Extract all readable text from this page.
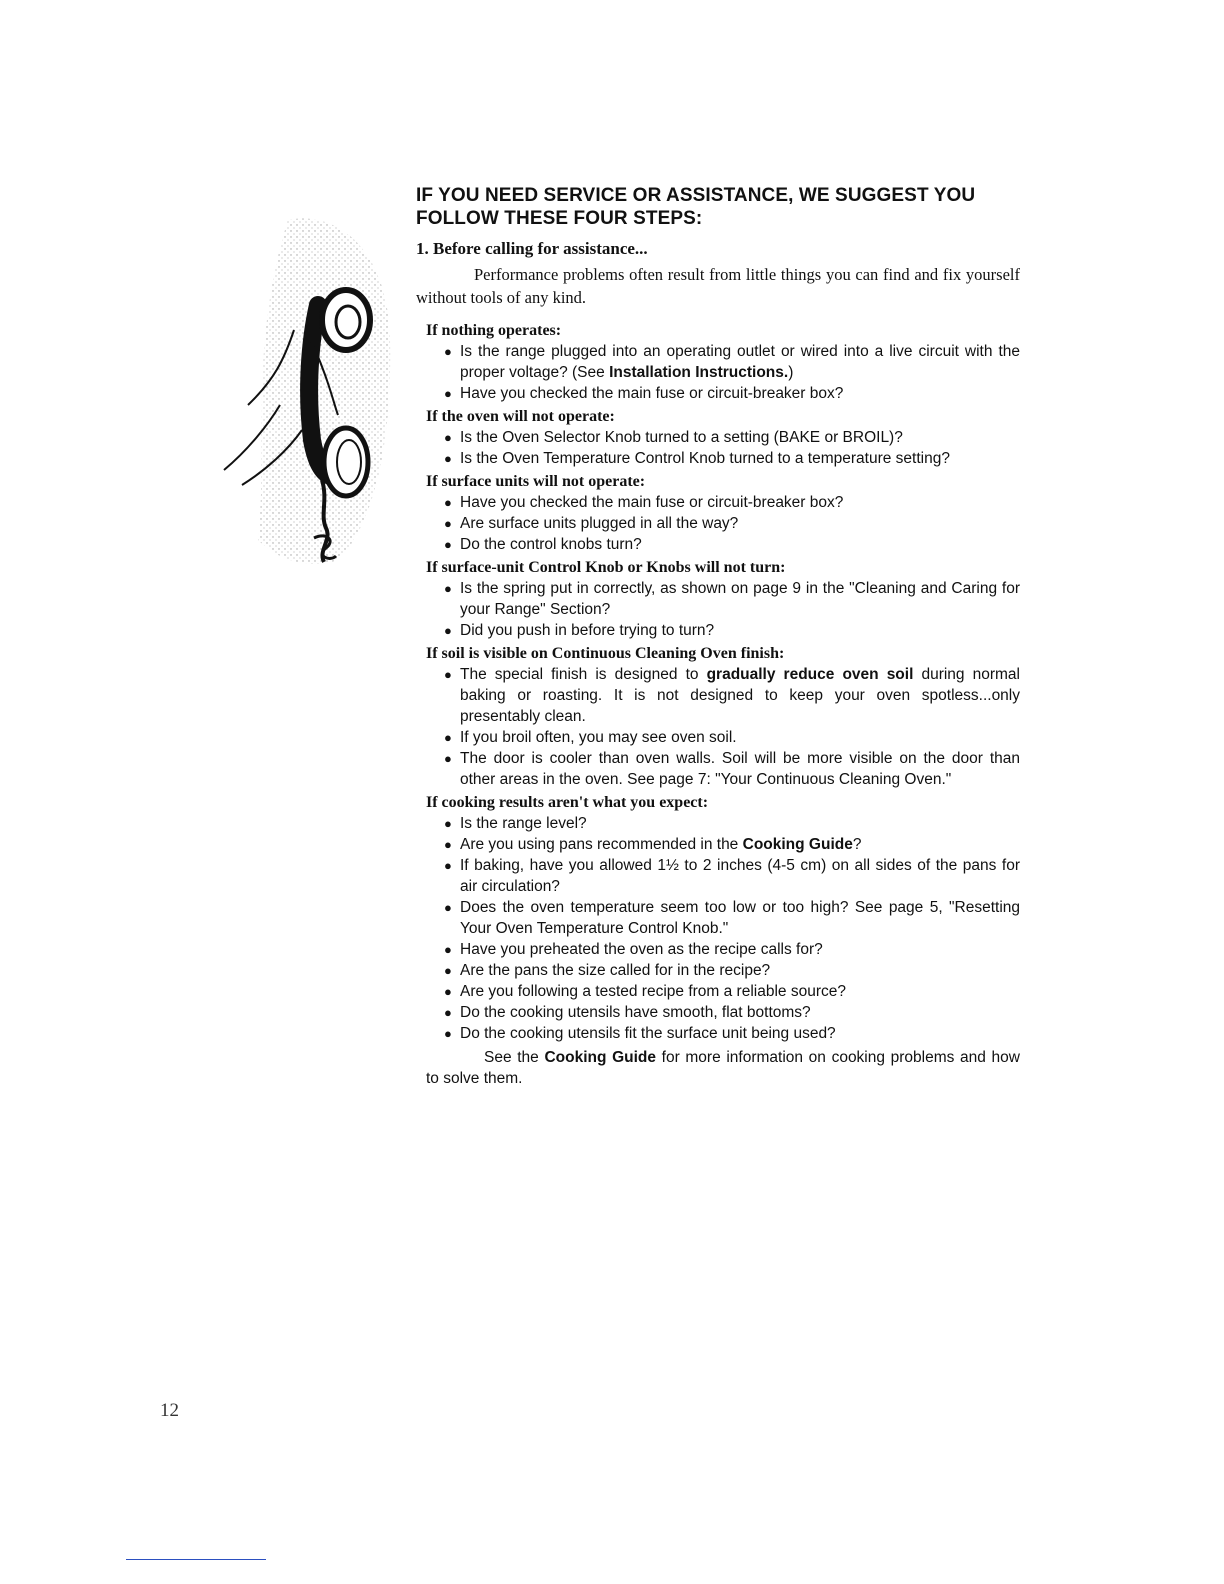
IF YOU NEED SERVICE OR ASSISTANCE, WE SUGGEST YOU FOLLOW THESE FOUR STEPS:
1. Before calling for assistance...

Performance problems often result from little things you can find and fix yourself without tools of any kind.

If nothing operates:
● Is the range plugged into an operating outlet or wired into a live circuit with the proper voltage? (See Installation Instructions.)
● Have you checked the main fuse or circuit-breaker box?
If the oven will not operate:
● Is the Oven Selector Knob turned to a setting (BAKE or BROIL)?
● Is the Oven Temperature Control Knob turned to a temperature setting?
If surface units will not operate:
● Have you checked the main fuse or circuit-breaker box?
● Are surface units plugged in all the way?
● Do the control knobs turn?
If surface-unit Control Knob or Knobs will not turn:
● Is the spring put in correctly, as shown on page 9 in the "Cleaning and Caring for your Range" Section?
● Did you push in before trying to turn?
If soil is visible on Continuous Cleaning Oven finish:
● The special finish is designed to gradually reduce oven soil during normal baking or roasting. It is not designed to keep your oven spotless...only presentably clean.
● If you broil often, you may see oven soil.
● The door is cooler than oven walls. Soil will be more visible on the door than other areas in the oven. See page 7: "Your Continuous Cleaning Oven."
If cooking results aren't what you expect:
● Is the range level?
● Are you using pans recommended in the Cooking Guide?
● If baking, have you allowed 1½ to 2 inches (4-5 cm) on all sides of the pans for air circulation?
● Does the oven temperature seem too low or too high? See page 5, "Resetting Your Oven Temperature Control Knob."
● Have you preheated the oven as the recipe calls for?
● Are the pans the size called for in the recipe?
● Are you following a tested recipe from a reliable source?
● Do the cooking utensils have smooth, flat bottoms?
● Do the cooking utensils fit the surface unit being used?

See the Cooking Guide for more information on cooking problems and how to solve them.

12
